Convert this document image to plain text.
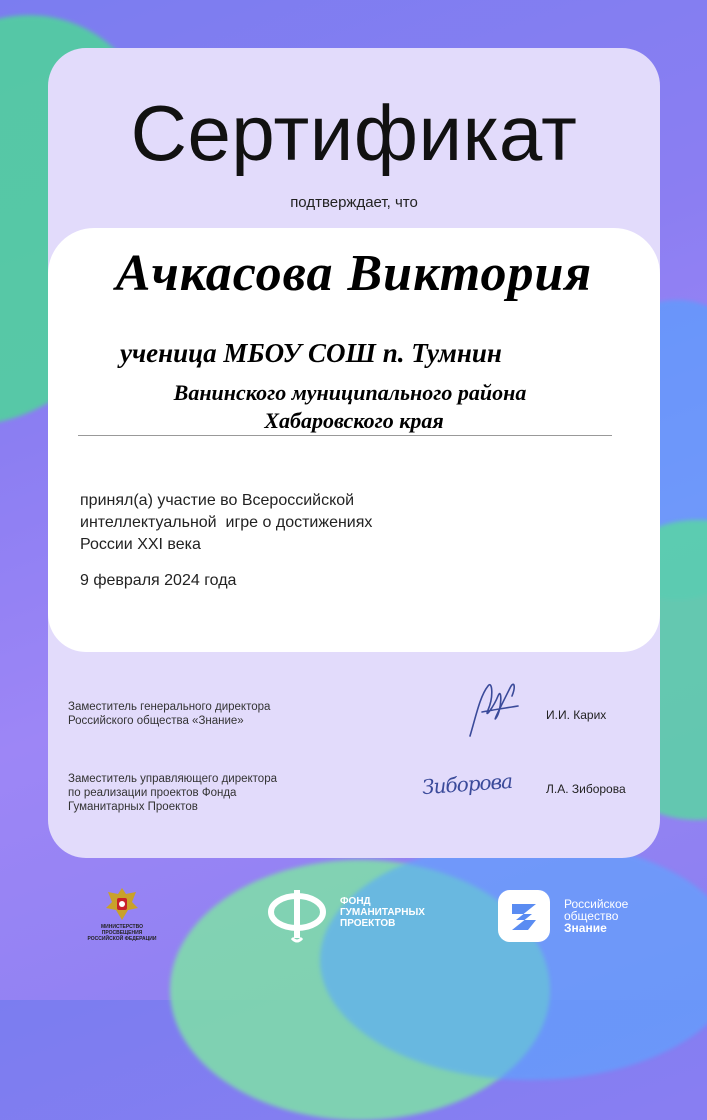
Сертификат
подтверждает, что
Ачкасова Виктория
ученица МБОУ СОШ п. Тумнин
Ванинского муниципального района
Хабаровского края
принял(а) участие во Всероссийской
интеллектуальной  игре о достижениях
России XXI века
9 февраля 2024 года
Заместитель генерального директора
Российского общества «Знание»	И.И. Карих
Заместитель управляющего директора
по реализации проектов Фонда
Гуманитарных Проектов
Зиборова	Л.А. Зиборова
МИНИСТЕРСТВО ПРОСВЕЩЕНИЯ
РОССИЙСКОЙ ФЕДЕРАЦИИ
ФОНД
ГУМАНИТАРНЫХ
ПРОЕКТОВ
Российское
общество
Знание
